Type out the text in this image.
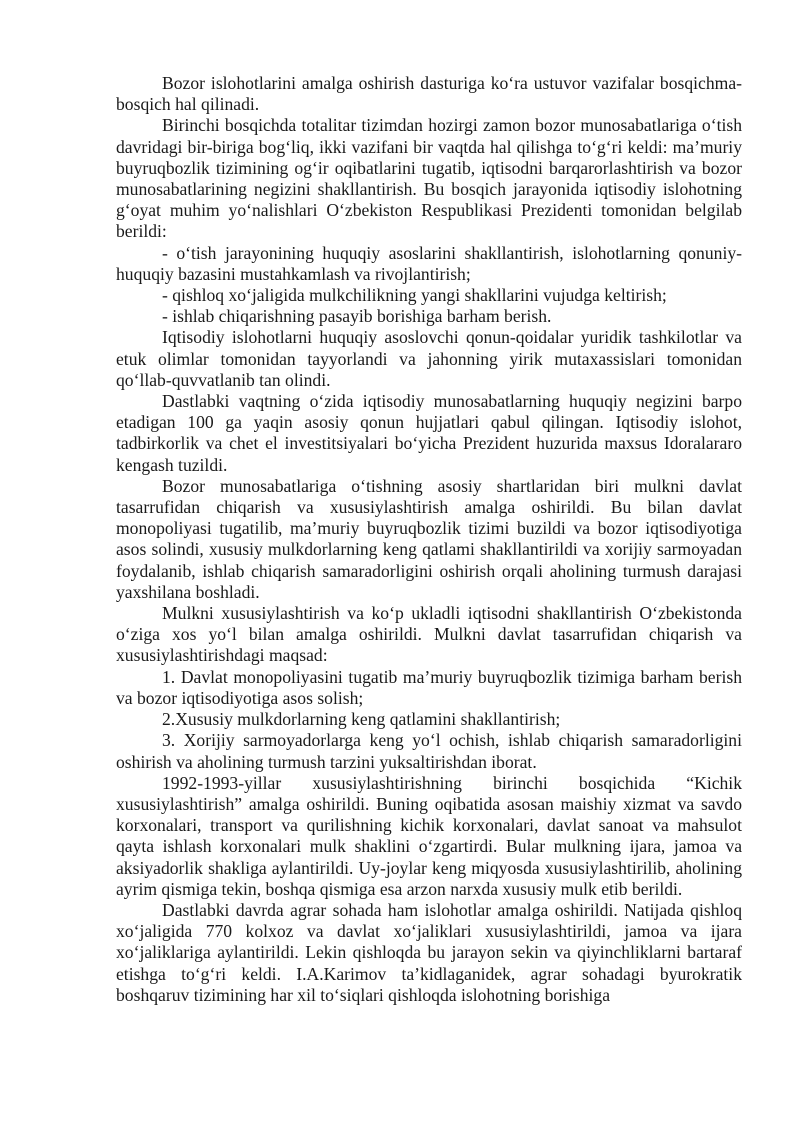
Bozor islohotlarini amalga oshirish dasturiga ko‘ra ustuvor vazifalar bosqichma-bosqich hal qilinadi.

Birinchi bosqichda totalitar tizimdan hozirgi zamon bozor munosabatlariga o‘tish davridagi bir-biriga bog‘liq, ikki vazifani bir vaqtda hal qilishga to‘g‘ri keldi: ma’muriy buyruqbozlik tizimining og‘ir oqibatlarini tugatib, iqtisodni barqarorlashtirish va bozor munosabatlarining negizini shakllantirish. Bu bosqich jarayonida iqtisodiy islohotning g‘oyat muhim yo‘nalishlari O‘zbekiston Respublikasi Prezidenti tomonidan belgilab berildi:

- o‘tish jarayonining huquqiy asoslarini shakllantirish, islohotlarning qonuniy-huquqiy bazasini mustahkamlash va rivojlantirish;

- qishloq xo‘jaligida mulkchilikning yangi shakllarini vujudga keltirish;

- ishlab chiqarishning pasayib borishiga barham berish.

Iqtisodiy islohotlarni huquqiy asoslovchi qonun-qoidalar yuridik tashkilotlar va etuk olimlar tomonidan tayyorlandi va jahonning yirik mutaxassislari tomonidan qo‘llab-quvvatlanib tan olindi.

Dastlabki vaqtning o‘zida iqtisodiy munosabatlarning huquqiy negizini barpo etadigan 100 ga yaqin asosiy qonun hujjatlari qabul qilingan. Iqtisodiy islohot, tadbirkorlik va chet el investitsiyalari bo‘yicha Prezident huzurida maxsus Idoralararo kengash tuzildi.

Bozor munosabatlariga o‘tishning asosiy shartlaridan biri mulkni davlat tasarrufidan chiqarish va xususiylashtirish amalga oshirildi. Bu bilan davlat monopoliyasi tugatilib, ma’muriy buyruqbozlik tizimi buzildi va bozor iqtisodiyotiga asos solindi, xususiy mulkdorlarning keng qatlami shakllantirildi va xorijiy sarmoyadan foydalanib, ishlab chiqarish samaradorligini oshirish orqali aholining turmush darajasi yaxshilana boshladi.

Mulkni xususiylashtirish va ko‘p ukladli iqtisodni shakllantirish O‘zbekistonda o‘ziga xos yo‘l bilan amalga oshirildi. Mulkni davlat tasarrufidan chiqarish va xususiylashtirishdagi maqsad:

1. Davlat monopoliyasini tugatib ma’muriy buyruqbozlik tizimiga barham berish va bozor iqtisodiyotiga asos solish;

2.Xususiy mulkdorlarning keng qatlamini shakllantirish;

3. Xorijiy sarmoyadorlarga keng yo‘l ochish, ishlab chiqarish samaradorligini oshirish va aholining turmush tarzini yuksaltirishdan iborat.

1992-1993-yillar xususiylashtirishning birinchi bosqichida “Kichik xususiylashtirish” amalga oshirildi. Buning oqibatida asosan maishiy xizmat va savdo korxonalari, transport va qurilishning kichik korxonalari, davlat sanoat va mahsulot qayta ishlash korxonalari mulk shaklini o‘zgartirdi. Bular mulkning ijara, jamoa va aksiyadorlik shakliga aylantirildi. Uy-joylar keng miqyosda xususiylashtirilib, aholining ayrim qismiga tekin, boshqa qismiga esa arzon narxda xususiy mulk etib berildi.

Dastlabki davrda agrar sohada ham islohotlar amalga oshirildi. Natijada qishloq xo‘jaligida 770 kolxoz va davlat xo‘jaliklari xususiylashtirildi, jamoa va ijara xo‘jaliklariga aylantirildi. Lekin qishloqda bu jarayon sekin va qiyinchliklarni bartaraf etishga to‘g‘ri keldi. I.A.Karimov ta’kidlaganidek, agrar sohadagi byurokratik boshqaruv tizimining har xil to‘siqlari qishloqda islohotning borishiga
